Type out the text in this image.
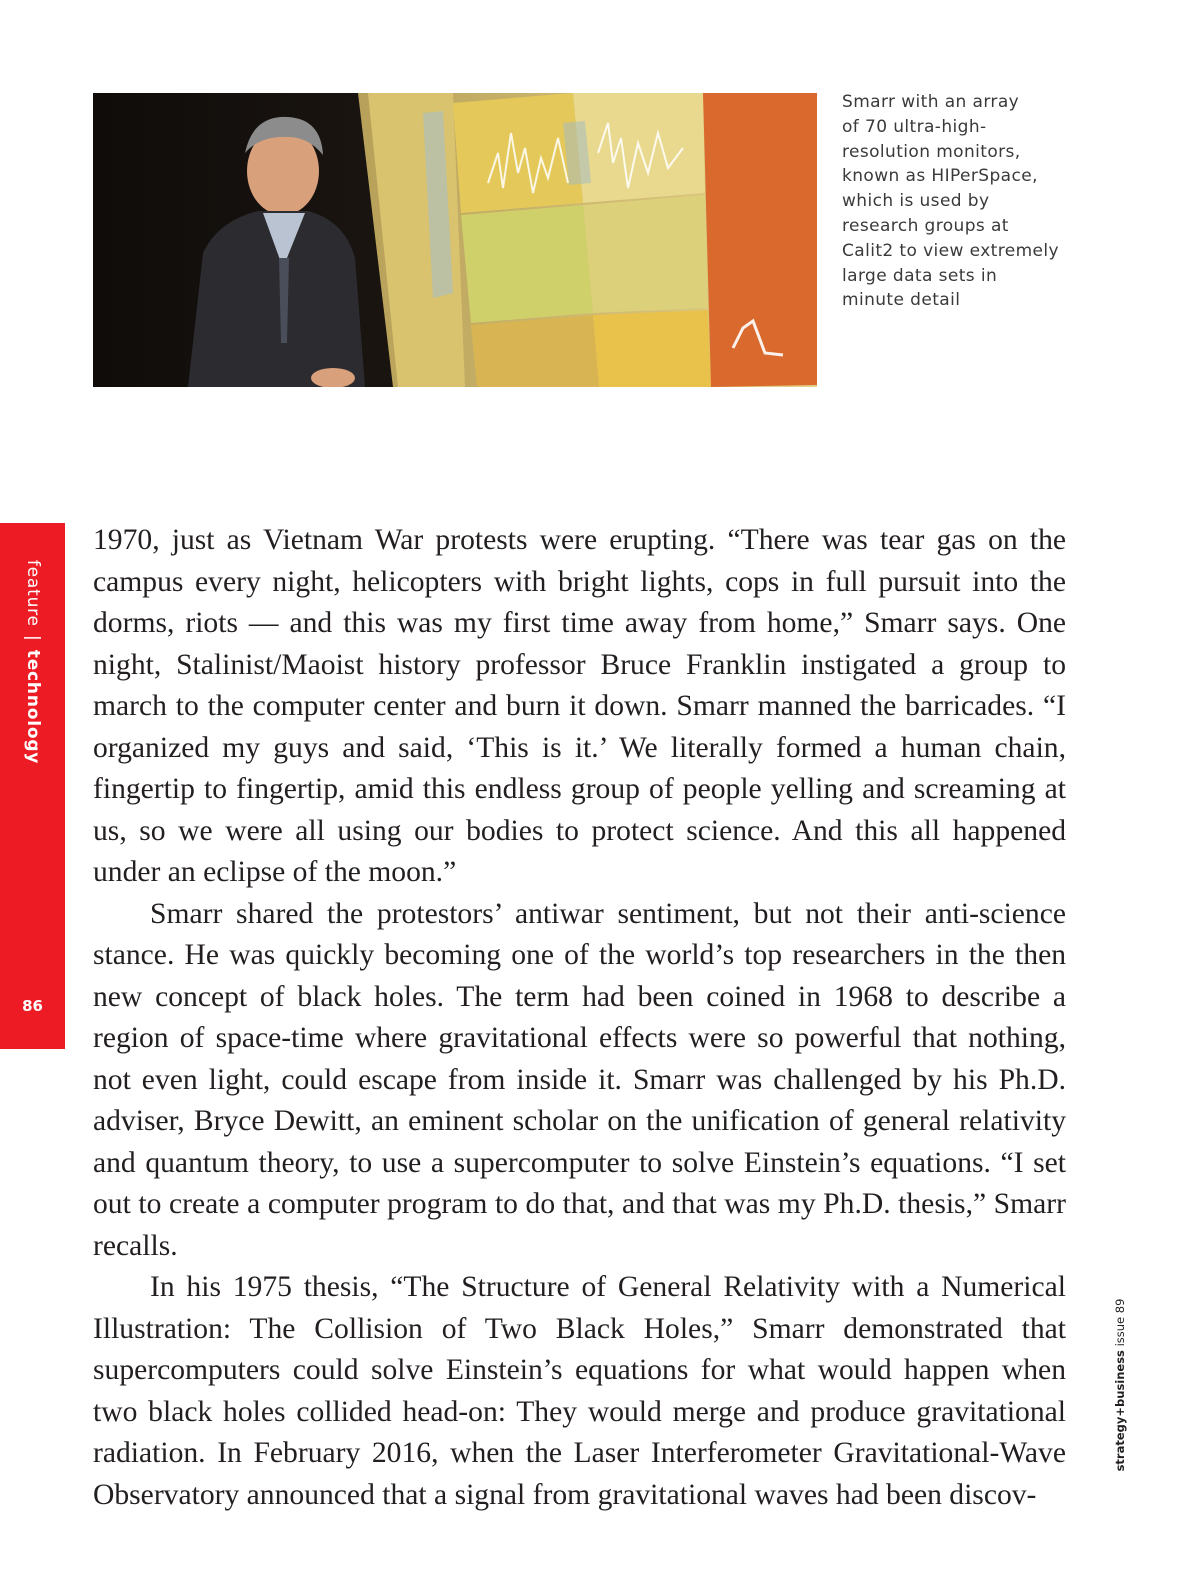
Smarr with an array
of 70 ultra-high-
resolution monitors,
known as HIPerSpace,
which is used by
research groups at
Calit2 to view extremely
large data sets in
minute detail

feature | technology
86

1970, just as Vietnam War protests were erupting. “There was tear gas on the campus every night, helicopters with bright lights, cops in full pursuit into the dorms, riots — and this was my first time away from home,” Smarr says. One night, Stalinist/Maoist history professor Bruce Franklin instigated a group to march to the computer center and burn it down. Smarr manned the barricades. “I organized my guys and said, ‘This is it.’ We literally formed a human chain, fingertip to fingertip, amid this endless group of people yelling and screaming at us, so we were all using our bodies to protect science. And this all happened under an eclipse of the moon.”

Smarr shared the protestors’ antiwar sentiment, but not their anti-science stance. He was quickly becoming one of the world’s top researchers in the then new concept of black holes. The term had been coined in 1968 to describe a region of space-time where gravitational effects were so powerful that nothing, not even light, could escape from inside it. Smarr was challenged by his Ph.D. adviser, Bryce Dewitt, an eminent scholar on the unification of general relativity and quantum theory, to use a supercomputer to solve Einstein’s equations. “I set out to create a computer program to do that, and that was my Ph.D. thesis,” Smarr recalls.

In his 1975 thesis, “The Structure of General Relativity with a Numerical Illustration: The Collision of Two Black Holes,” Smarr demonstrated that supercomputers could solve Einstein’s equations for what would happen when two black holes collided head-on: They would merge and produce gravitational radiation. In February 2016, when the Laser Interferometer Gravitational-Wave Observatory announced that a signal from gravitational waves had been discov-

strategy+business issue 89
